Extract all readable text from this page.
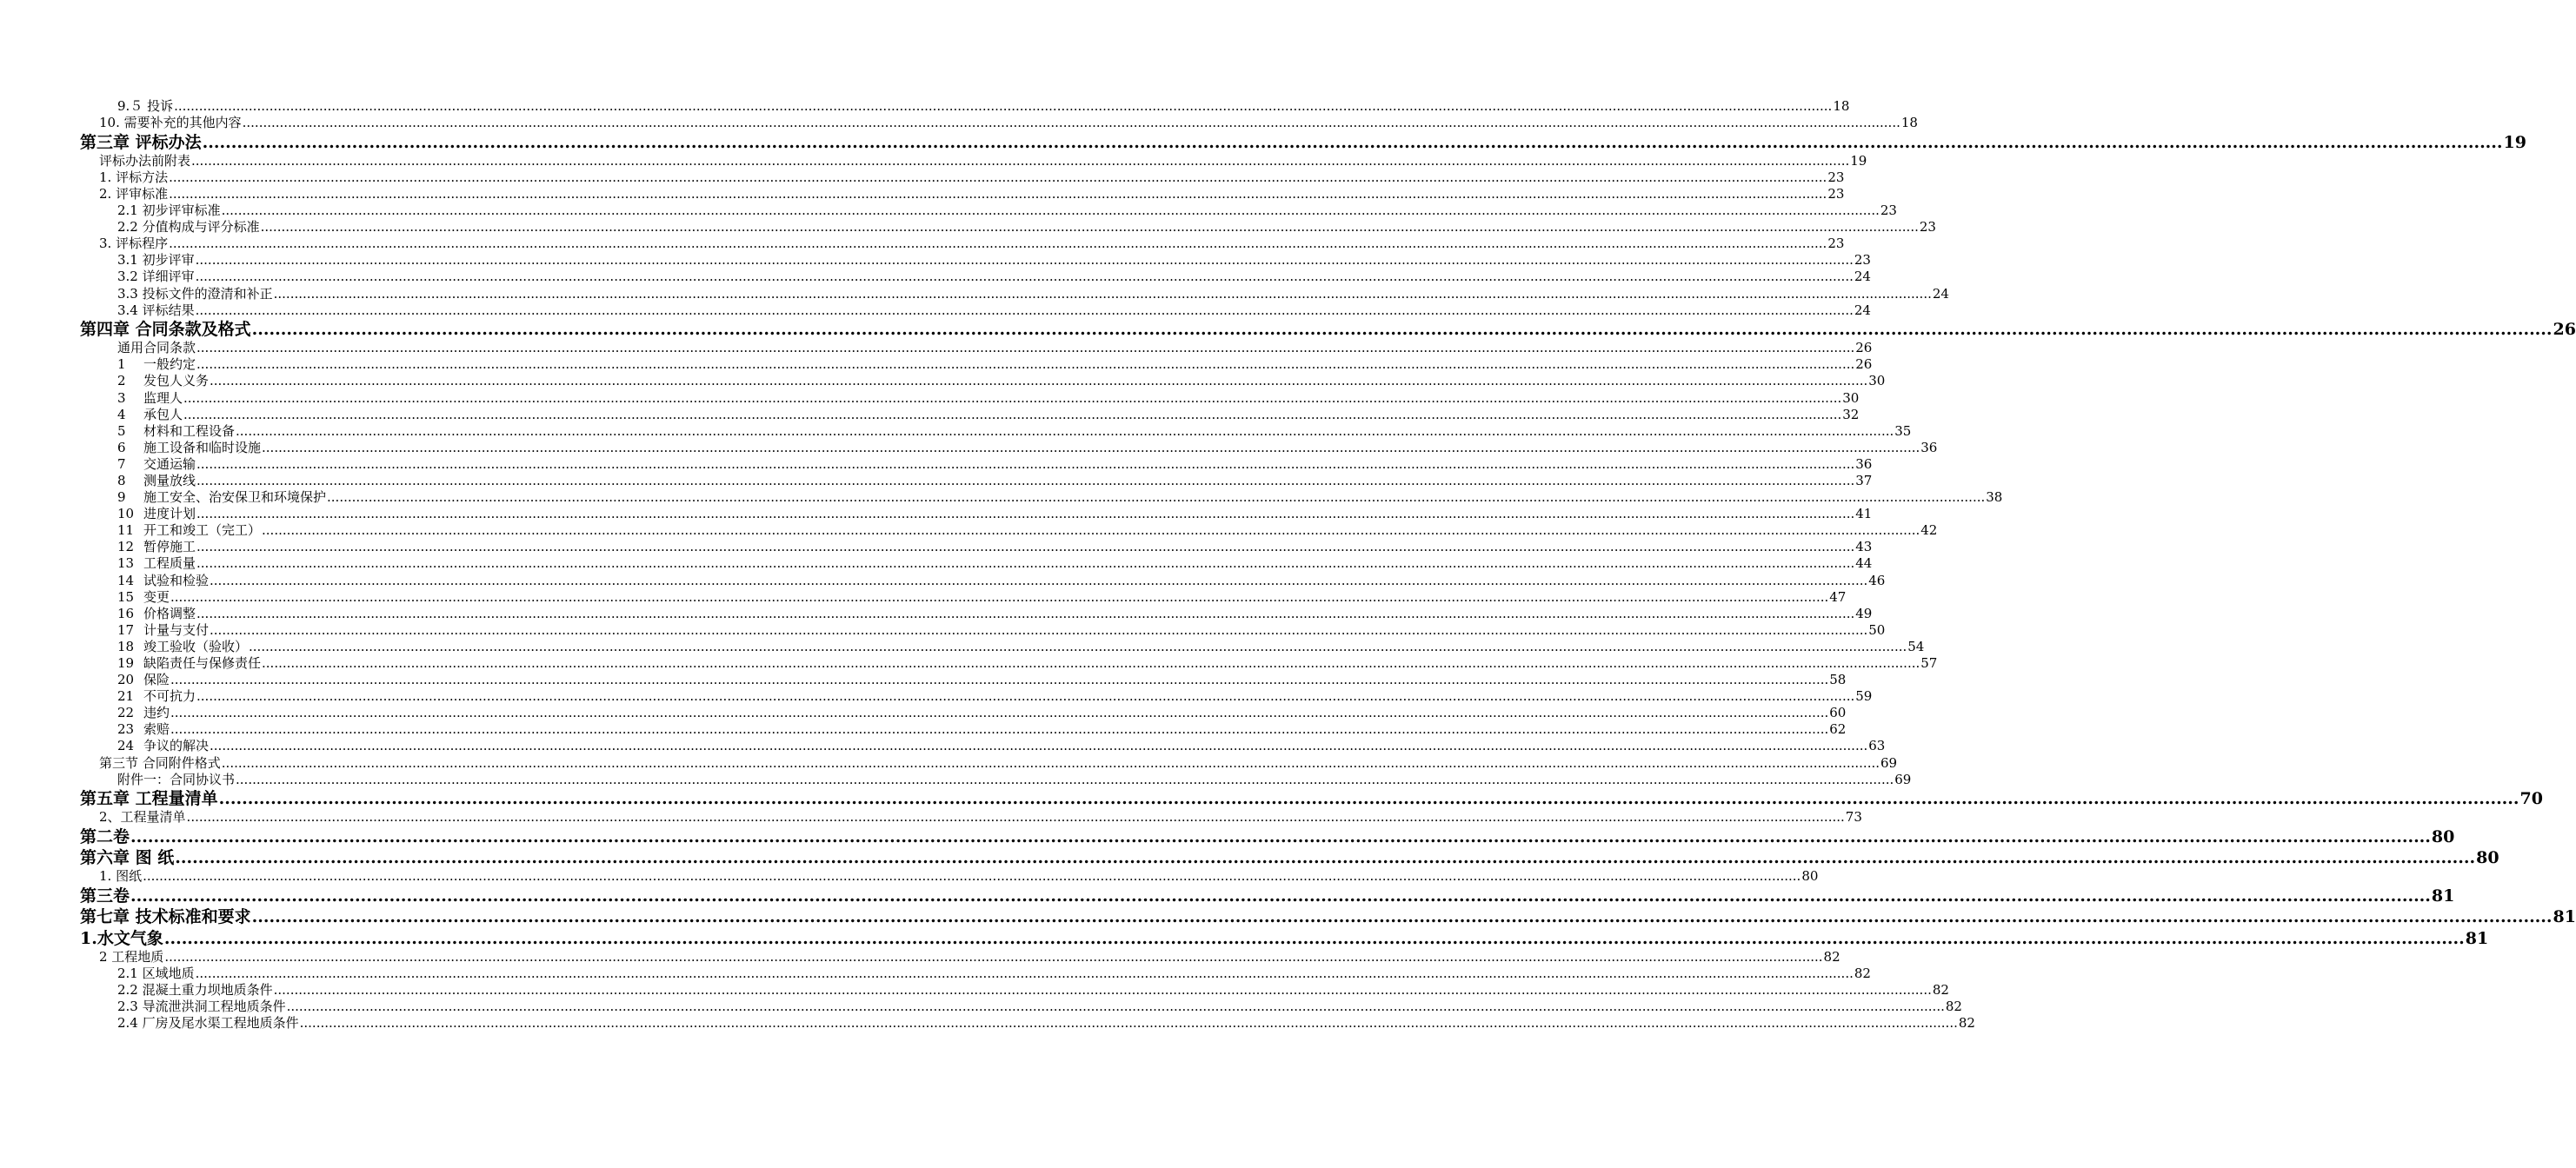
9.５ 投诉 ................................................................................................................................................................................................................................................................................................................................................................................................................ 18
10. 需要补充的其他内容 ................................................................................................................................................................................................................................................................................................................................................................................................................ 18
第三章 评标办法 ................................................................................................................................................................................................................................................................................................................................................................................................................ 19
评标办法前附表 ................................................................................................................................................................................................................................................................................................................................................................................................................ 19
1. 评标方法 ................................................................................................................................................................................................................................................................................................................................................................................................................ 23
2. 评审标准 ................................................................................................................................................................................................................................................................................................................................................................................................................ 23
2.1 初步评审标准 ................................................................................................................................................................................................................................................................................................................................................................................................................ 23
2.2 分值构成与评分标准 ................................................................................................................................................................................................................................................................................................................................................................................................................ 23
3. 评标程序 ................................................................................................................................................................................................................................................................................................................................................................................................................ 23
3.1 初步评审 ................................................................................................................................................................................................................................................................................................................................................................................................................ 23
3.2 详细评审 ................................................................................................................................................................................................................................................................................................................................................................................................................ 24
3.3 投标文件的澄清和补正 ................................................................................................................................................................................................................................................................................................................................................................................................................ 24
3.4 评标结果 ................................................................................................................................................................................................................................................................................................................................................................................................................ 24
第四章 合同条款及格式 ................................................................................................................................................................................................................................................................................................................................................................................................................ 26
通用合同条款 ................................................................................................................................................................................................................................................................................................................................................................................................................ 26
1 一般约定 ................................................................................................................................................................................................................................................................................................................................................................................................................ 26
2 发包人义务 ................................................................................................................................................................................................................................................................................................................................................................................................................ 30
3 监理人 ................................................................................................................................................................................................................................................................................................................................................................................................................ 30
4 承包人 ................................................................................................................................................................................................................................................................................................................................................................................................................ 32
5 材料和工程设备 ................................................................................................................................................................................................................................................................................................................................................................................................................ 35
6 施工设备和临时设施 ................................................................................................................................................................................................................................................................................................................................................................................................................ 36
7 交通运输 ................................................................................................................................................................................................................................................................................................................................................................................................................ 36
8 测量放线 ................................................................................................................................................................................................................................................................................................................................................................................................................ 37
9 施工安全、治安保卫和环境保护 ................................................................................................................................................................................................................................................................................................................................................................................................................ 38
10 进度计划 ................................................................................................................................................................................................................................................................................................................................................................................................................ 41
11 开工和竣工（完工） ................................................................................................................................................................................................................................................................................................................................................................................................................ 42
12 暂停施工 ................................................................................................................................................................................................................................................................................................................................................................................................................ 43
13 工程质量 ................................................................................................................................................................................................................................................................................................................................................................................................................ 44
14 试验和检验 ................................................................................................................................................................................................................................................................................................................................................................................................................ 46
15 变更 ................................................................................................................................................................................................................................................................................................................................................................................................................ 47
16 价格调整 ................................................................................................................................................................................................................................................................................................................................................................................................................ 49
17 计量与支付 ................................................................................................................................................................................................................................................................................................................................................................................................................ 50
18 竣工验收（验收） ................................................................................................................................................................................................................................................................................................................................................................................................................ 54
19 缺陷责任与保修责任 ................................................................................................................................................................................................................................................................................................................................................................................................................ 57
20 保险 ................................................................................................................................................................................................................................................................................................................................................................................................................ 58
21 不可抗力 ................................................................................................................................................................................................................................................................................................................................................................................................................ 59
22 违约 ................................................................................................................................................................................................................................................................................................................................................................................................................ 60
23 索赔 ................................................................................................................................................................................................................................................................................................................................................................................................................ 62
24 争议的解决 ................................................................................................................................................................................................................................................................................................................................................................................................................ 63
第三节 合同附件格式 ................................................................................................................................................................................................................................................................................................................................................................................................................ 69
附件一：合同协议书 ................................................................................................................................................................................................................................................................................................................................................................................................................ 69
第五章 工程量清单 ................................................................................................................................................................................................................................................................................................................................................................................................................ 70
2、工程量清单 ................................................................................................................................................................................................................................................................................................................................................................................................................ 73
第二卷 ................................................................................................................................................................................................................................................................................................................................................................................................................ 80
第六章 图 纸 ................................................................................................................................................................................................................................................................................................................................................................................................................ 80
1. 图纸 ................................................................................................................................................................................................................................................................................................................................................................................................................ 80
第三卷 ................................................................................................................................................................................................................................................................................................................................................................................................................ 81
第七章 技术标准和要求 ................................................................................................................................................................................................................................................................................................................................................................................................................ 81
1.水文气象 ................................................................................................................................................................................................................................................................................................................................................................................................................ 81
2 工程地质 ................................................................................................................................................................................................................................................................................................................................................................................................................ 82
2.1 区域地质 ................................................................................................................................................................................................................................................................................................................................................................................................................ 82
2.2 混凝土重力坝地质条件 ................................................................................................................................................................................................................................................................................................................................................................................................................ 82
2.3 导流泄洪洞工程地质条件 ................................................................................................................................................................................................................................................................................................................................................................................................................ 82
2.4 厂房及尾水渠工程地质条件 ................................................................................................................................................................................................................................................................................................................................................................................................................ 82
